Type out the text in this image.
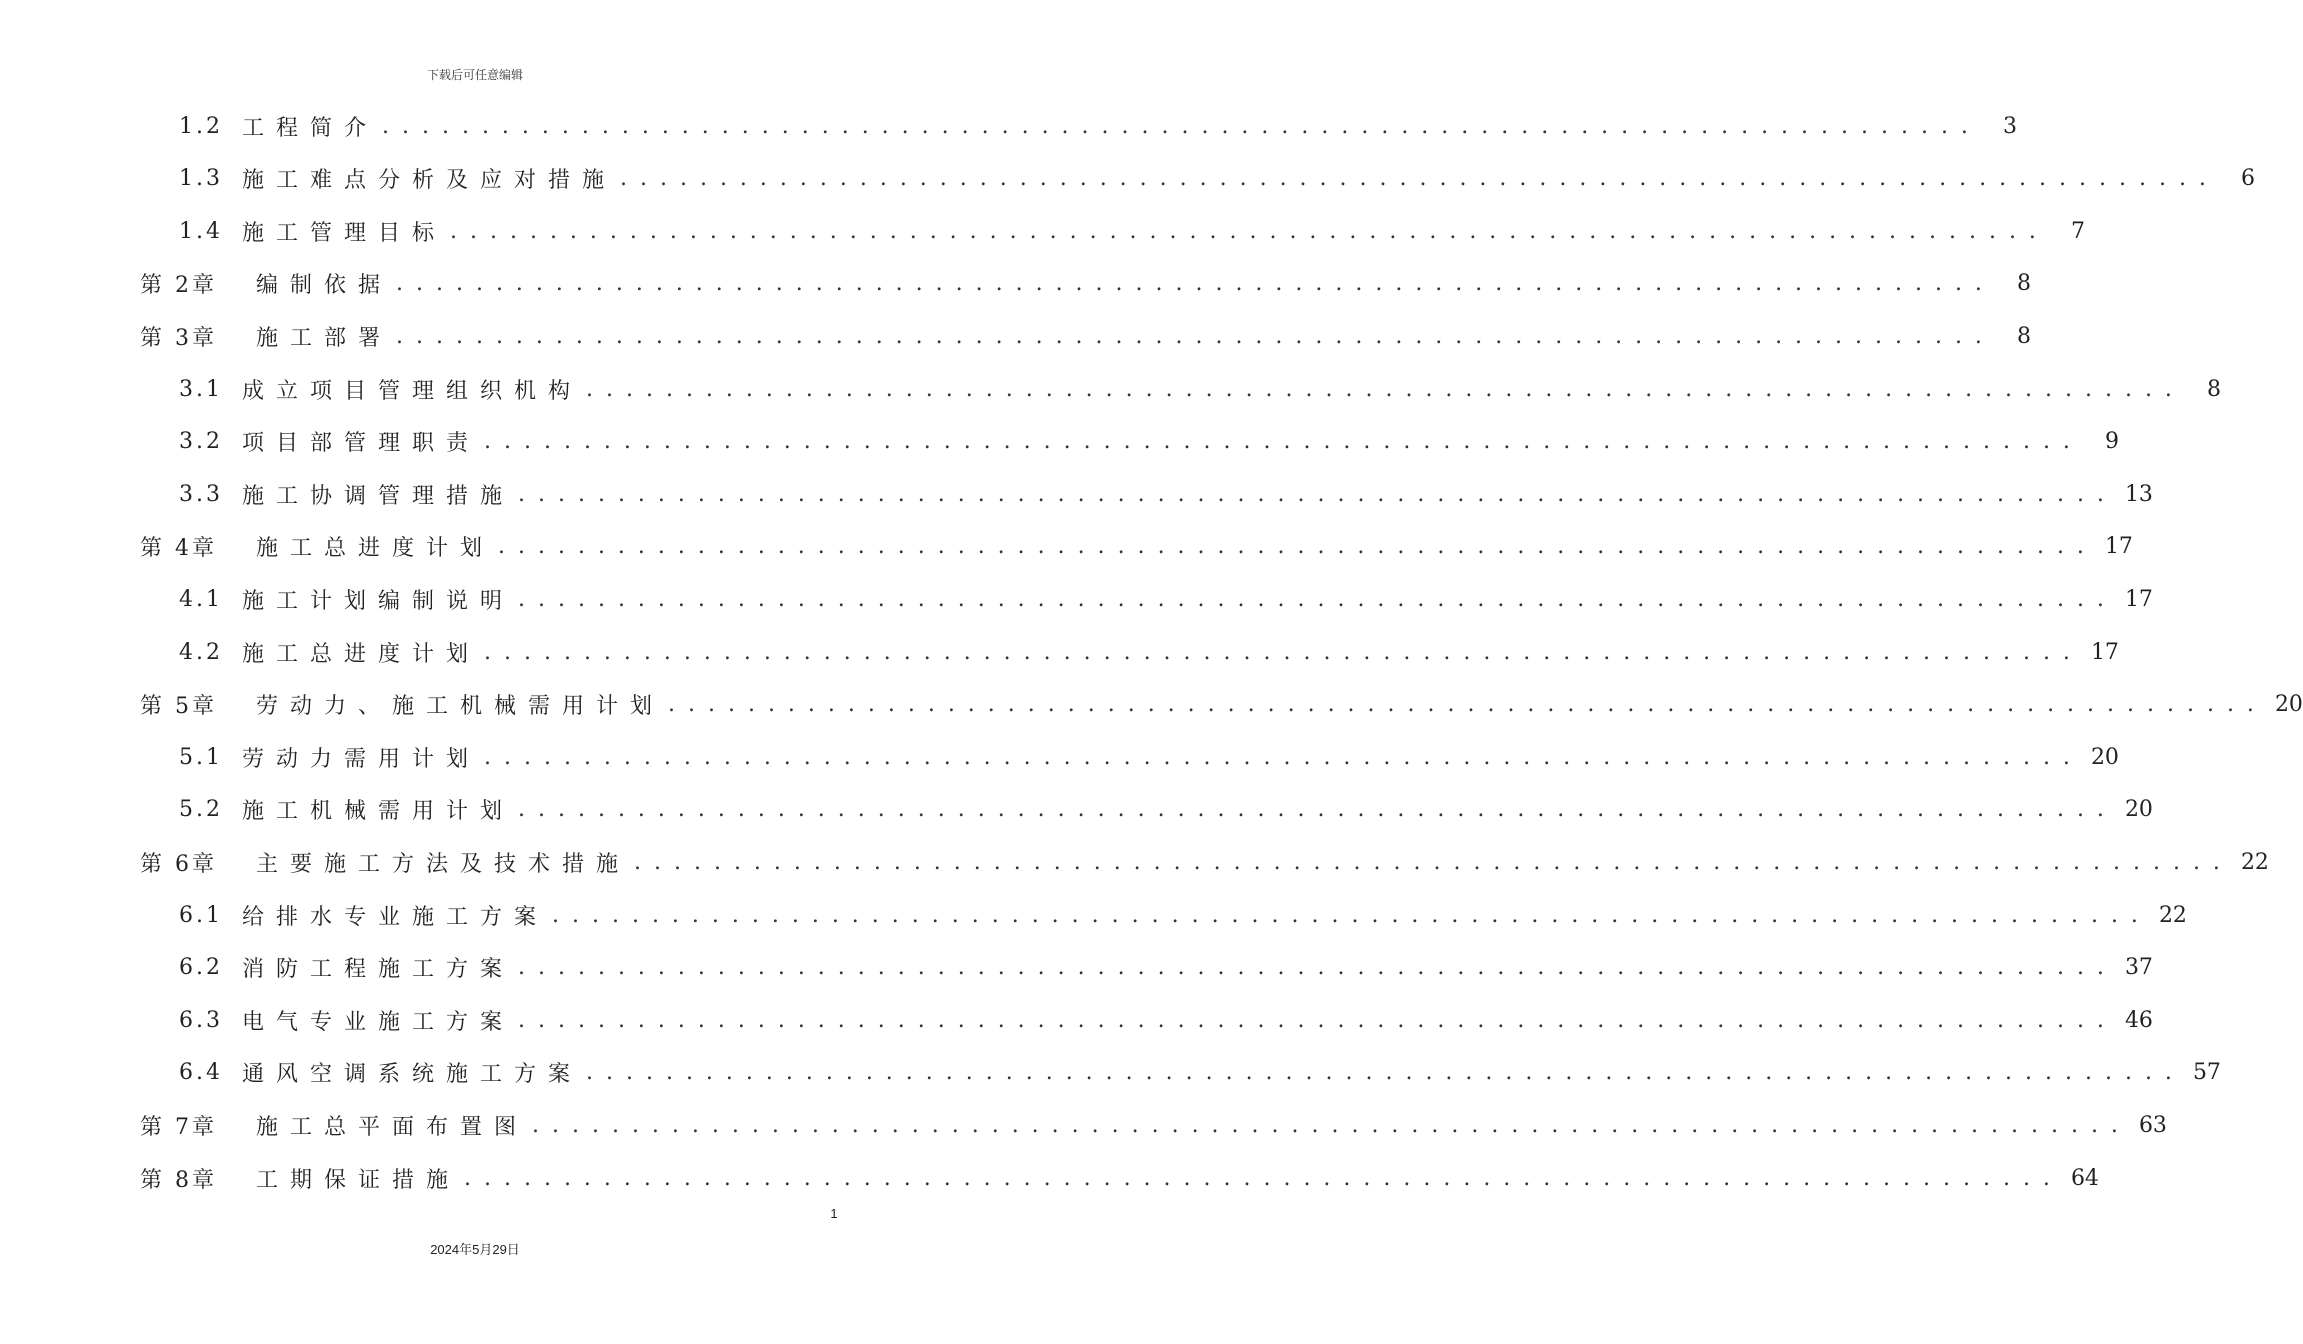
下载后可任意编辑
1.2 工程简介 . . . . . . . . . . . . . . . . . . . . . . . . . . . . . . . . . . . . . . . . . . . . . . . . . . . . . . . . . . . . . . . . . . . . . . . . . . . . . . . .	3
1.3 施工难点分析及应对措施 . . . . . . . . . . . . . . . . . . . . . . . . . . . . . . . . . . . . . . . . . . . . . . . . . . . . . . . . . . . . . . . . . . . . . . . . . . . . . . . .	6
1.4 施工管理目标 . . . . . . . . . . . . . . . . . . . . . . . . . . . . . . . . . . . . . . . . . . . . . . . . . . . . . . . . . . . . . . . . . . . . . . . . . . . . . . . .	7
第 2章	编制依据 . . . . . . . . . . . . . . . . . . . . . . . . . . . . . . . . . . . . . . . . . . . . . . . . . . . . . . . . . . . . . . . . . . . . . . . . . . . . . . . .	8
第 3章	施工部署 . . . . . . . . . . . . . . . . . . . . . . . . . . . . . . . . . . . . . . . . . . . . . . . . . . . . . . . . . . . . . . . . . . . . . . . . . . . . . . . .	8
3.1 成立项目管理组织机构 . . . . . . . . . . . . . . . . . . . . . . . . . . . . . . . . . . . . . . . . . . . . . . . . . . . . . . . . . . . . . . . . . . . . . . . . . . . . . . . .	8
3.2 项目部管理职责 . . . . . . . . . . . . . . . . . . . . . . . . . . . . . . . . . . . . . . . . . . . . . . . . . . . . . . . . . . . . . . . . . . . . . . . . . . . . . . . .	9
3.3 施工协调管理措施 . . . . . . . . . . . . . . . . . . . . . . . . . . . . . . . . . . . . . . . . . . . . . . . . . . . . . . . . . . . . . . . . . . . . . . . . . . . . . . . . 13
第 4章	施工总进度计划 . . . . . . . . . . . . . . . . . . . . . . . . . . . . . . . . . . . . . . . . . . . . . . . . . . . . . . . . . . . . . . . . . . . . . . . . . . . . . . . . 17
4.1 施工计划编制说明 . . . . . . . . . . . . . . . . . . . . . . . . . . . . . . . . . . . . . . . . . . . . . . . . . . . . . . . . . . . . . . . . . . . . . . . . . . . . . . . . 17
4.2 施工总进度计划 . . . . . . . . . . . . . . . . . . . . . . . . . . . . . . . . . . . . . . . . . . . . . . . . . . . . . . . . . . . . . . . . . . . . . . . . . . . . . . . . 17
第 5章	劳动力、施工机械需用计划 . . . . . . . . . . . . . . . . . . . . . . . . . . . . . . . . . . . . . . . . . . . . . . . . . . . . . . . . . . . . . . . . . . . . . . . . . . . . . . . . 20
5.1 劳动力需用计划 . . . . . . . . . . . . . . . . . . . . . . . . . . . . . . . . . . . . . . . . . . . . . . . . . . . . . . . . . . . . . . . . . . . . . . . . . . . . . . . . 20
5.2 施工机械需用计划 . . . . . . . . . . . . . . . . . . . . . . . . . . . . . . . . . . . . . . . . . . . . . . . . . . . . . . . . . . . . . . . . . . . . . . . . . . . . . . . . 20
第 6章	主要施工方法及技术措施 . . . . . . . . . . . . . . . . . . . . . . . . . . . . . . . . . . . . . . . . . . . . . . . . . . . . . . . . . . . . . . . . . . . . . . . . . . . . . . . . 22
6.1 给排水专业施工方案 . . . . . . . . . . . . . . . . . . . . . . . . . . . . . . . . . . . . . . . . . . . . . . . . . . . . . . . . . . . . . . . . . . . . . . . . . . . . . . . . 22
6.2 消防工程施工方案 . . . . . . . . . . . . . . . . . . . . . . . . . . . . . . . . . . . . . . . . . . . . . . . . . . . . . . . . . . . . . . . . . . . . . . . . . . . . . . . . 37
6.3 电气专业施工方案 . . . . . . . . . . . . . . . . . . . . . . . . . . . . . . . . . . . . . . . . . . . . . . . . . . . . . . . . . . . . . . . . . . . . . . . . . . . . . . . . 46
6.4 通风空调系统施工方案 . . . . . . . . . . . . . . . . . . . . . . . . . . . . . . . . . . . . . . . . . . . . . . . . . . . . . . . . . . . . . . . . . . . . . . . . . . . . . . . . 57
第 7章	施工总平面布置图 . . . . . . . . . . . . . . . . . . . . . . . . . . . . . . . . . . . . . . . . . . . . . . . . . . . . . . . . . . . . . . . . . . . . . . . . . . . . . . . . 63
第 8章	工期保证措施 . . . . . . . . . . . . . . . . . . . . . . . . . . . . . . . . . . . . . . . . . . . . . . . . . . . . . . . . . . . . . . . . . . . . . . . . . . . . . . . . 64
1
2024年5月29日
